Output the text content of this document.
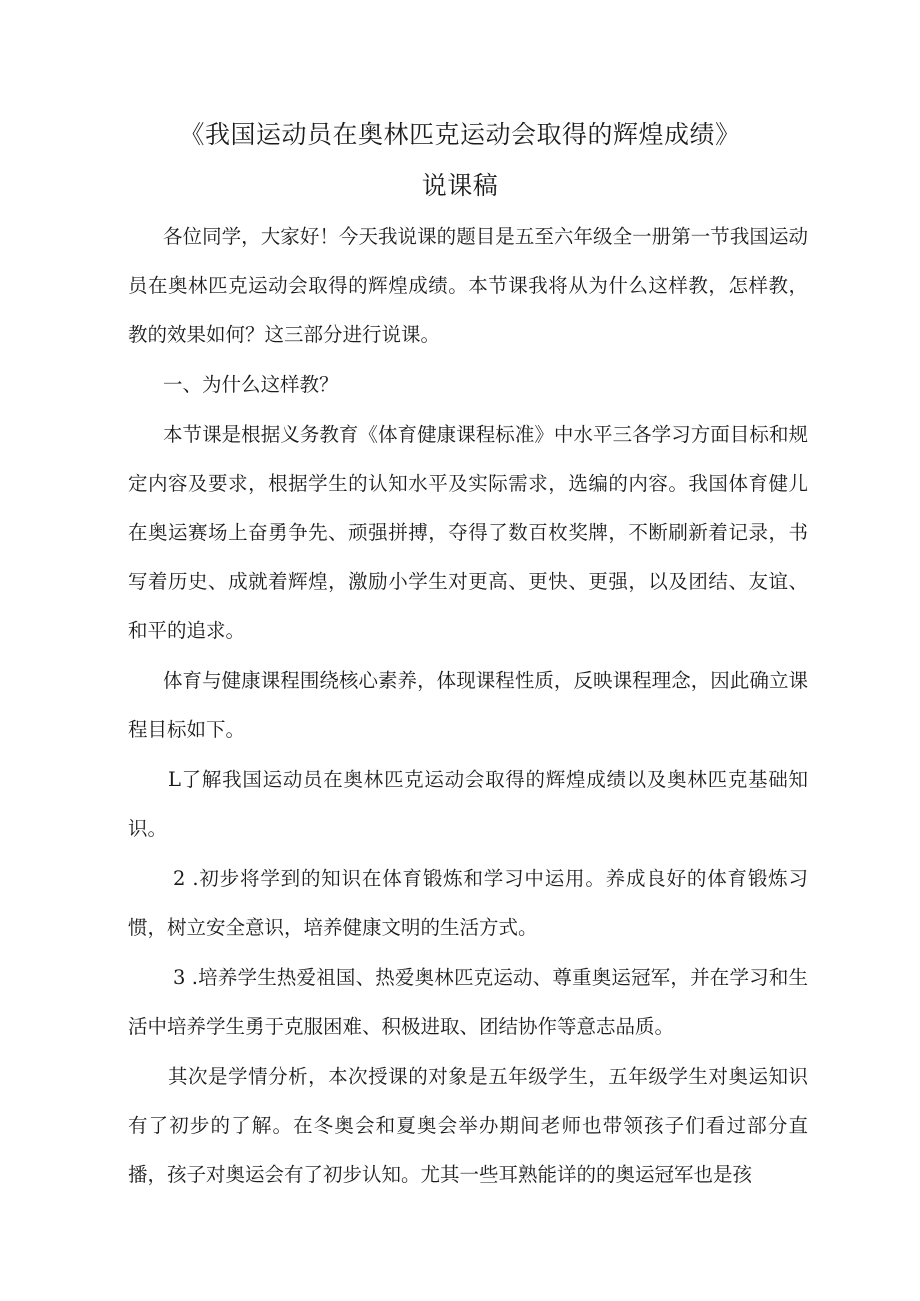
《我国运动员在奥林匹克运动会取得的辉煌成绩》
说课稿

各位同学，大家好！今天我说课的题目是五至六年级全一册第一节我国运动员在奥林匹克运动会取得的辉煌成绩。本节课我将从为什么这样教，怎样教，教的效果如何？这三部分进行说课。

一、为什么这样教？

本节课是根据义务教育《体育健康课程标准》中水平三各学习方面目标和规定内容及要求，根据学生的认知水平及实际需求，选编的内容。我国体育健儿在奥运赛场上奋勇争先、顽强拼搏，夺得了数百枚奖牌，不断刷新着记录，书写着历史、成就着辉煌，激励小学生对更高、更快、更强，以及团结、友谊、和平的追求。

体育与健康课程围绕核心素养，体现课程性质，反映课程理念，因此确立课程目标如下。

L了解我国运动员在奥林匹克运动会取得的辉煌成绩以及奥林匹克基础知识。

2 .初步将学到的知识在体育锻炼和学习中运用。养成良好的体育锻炼习惯，树立安全意识，培养健康文明的生活方式。

3 .培养学生热爱祖国、热爱奥林匹克运动、尊重奥运冠军，并在学习和生活中培养学生勇于克服困难、积极进取、团结协作等意志品质。

其次是学情分析，本次授课的对象是五年级学生，五年级学生对奥运知识有了初步的了解。在冬奥会和夏奥会举办期间老师也带领孩子们看过部分直播，孩子对奥运会有了初步认知。尤其一些耳熟能详的的奥运冠军也是孩
